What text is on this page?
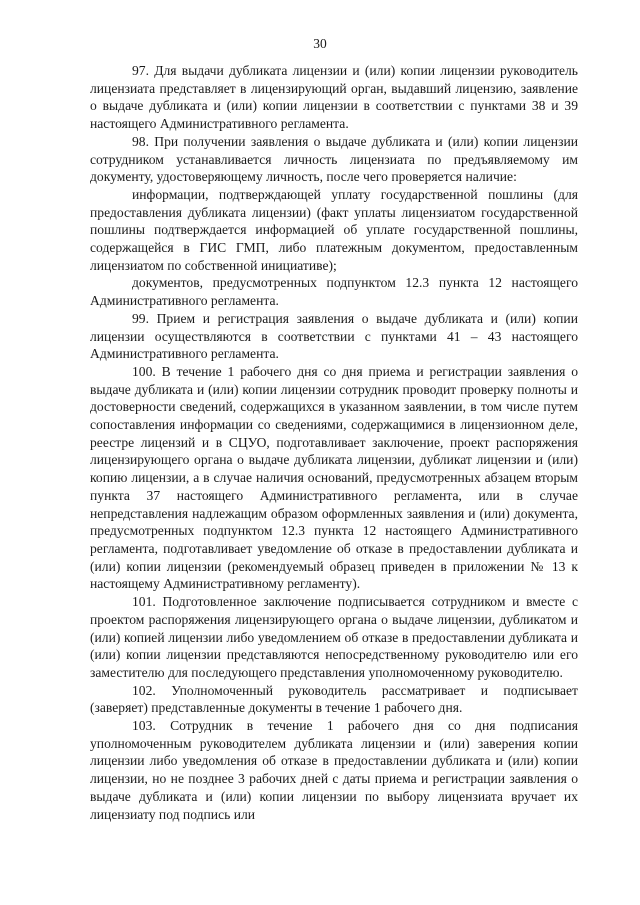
30

97. Для выдачи дубликата лицензии и (или) копии лицензии руководитель лицензиата представляет в лицензирующий орган, выдавший лицензию, заявление о выдаче дубликата и (или) копии лицензии в соответствии с пунктами 38 и 39 настоящего Административного регламента.

98. При получении заявления о выдаче дубликата и (или) копии лицензии сотрудником устанавливается личность лицензиата по предъявляемому им документу, удостоверяющему личность, после чего проверяется наличие:

информации, подтверждающей уплату государственной пошлины (для предоставления дубликата лицензии) (факт уплаты лицензиатом государственной пошлины подтверждается информацией об уплате государственной пошлины, содержащейся в ГИС ГМП, либо платежным документом, предоставленным лицензиатом по собственной инициативе);

документов, предусмотренных подпунктом 12.3 пункта 12 настоящего Административного регламента.

99. Прием и регистрация заявления о выдаче дубликата и (или) копии лицензии осуществляются в соответствии с пунктами 41 – 43 настоящего Административного регламента.

100. В течение 1 рабочего дня со дня приема и регистрации заявления о выдаче дубликата и (или) копии лицензии сотрудник проводит проверку полноты и достоверности сведений, содержащихся в указанном заявлении, в том числе путем сопоставления информации со сведениями, содержащимися в лицензионном деле, реестре лицензий и в СЦУО, подготавливает заключение, проект распоряжения лицензирующего органа о выдаче дубликата лицензии, дубликат лицензии и (или) копию лицензии, а в случае наличия оснований, предусмотренных абзацем вторым пункта 37 настоящего Административного регламента, или в случае непредставления надлежащим образом оформленных заявления и (или) документа, предусмотренных подпунктом 12.3 пункта 12 настоящего Административного регламента, подготавливает уведомление об отказе в предоставлении дубликата и (или) копии лицензии (рекомендуемый образец приведен в приложении № 13 к настоящему Административному регламенту).

101. Подготовленное заключение подписывается сотрудником и вместе с проектом распоряжения лицензирующего органа о выдаче лицензии, дубликатом и (или) копией лицензии либо уведомлением об отказе в предоставлении дубликата и (или) копии лицензии представляются непосредственному руководителю или его заместителю для последующего представления уполномоченному руководителю.

102. Уполномоченный руководитель рассматривает и подписывает (заверяет) представленные документы в течение 1 рабочего дня.

103. Сотрудник в течение 1 рабочего дня со дня подписания уполномоченным руководителем дубликата лицензии и (или) заверения копии лицензии либо уведомления об отказе в предоставлении дубликата и (или) копии лицензии, но не позднее 3 рабочих дней с даты приема и регистрации заявления о выдаче дубликата и (или) копии лицензии по выбору лицензиата вручает их лицензиату под подпись или
